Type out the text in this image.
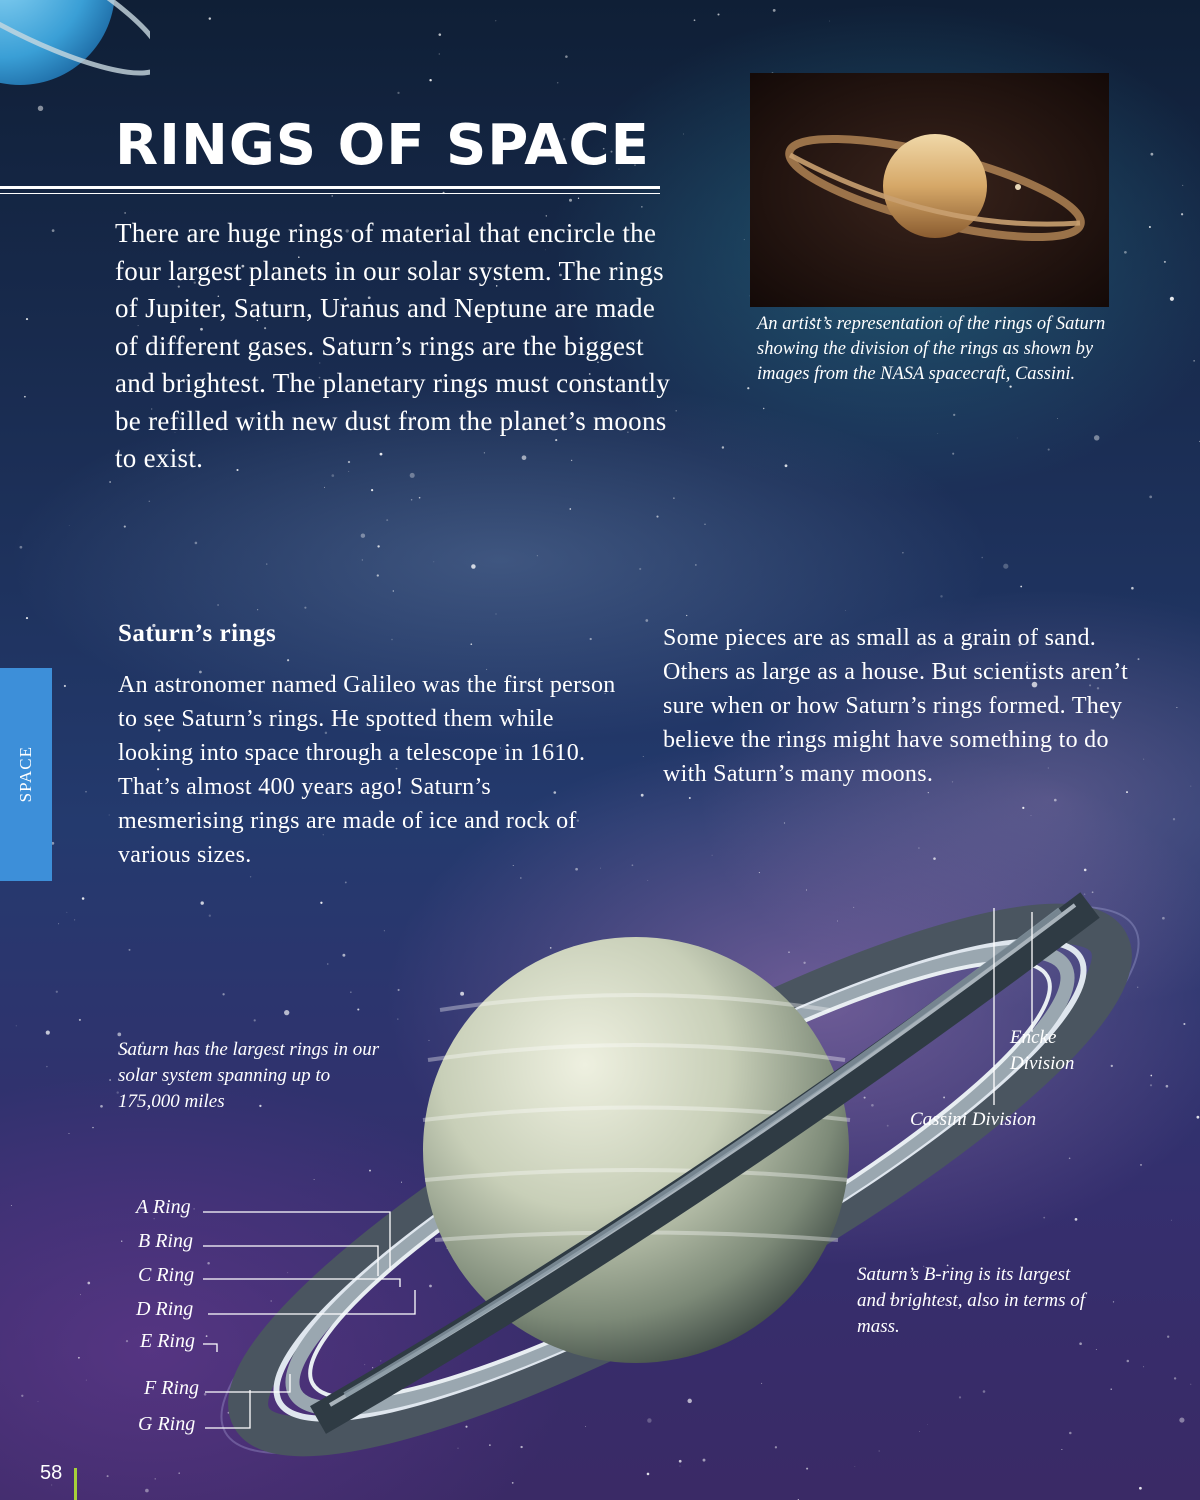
RINGS OF SPACE

There are huge rings of material that encircle the four largest planets in our solar system. The rings of Jupiter, Saturn, Uranus and Neptune are made of different gases. Saturn’s rings are the biggest and brightest. The planetary rings must constantly be refilled with new dust from the planet’s moons to exist.

An artist’s representation of the rings of Saturn showing the division of the rings as shown by images from the NASA spacecraft, Cassini.

SPACE
Saturn’s rings

An astronomer named Galileo was the first person to see Saturn’s rings. He spotted them while looking into space through a telescope in 1610. That’s almost 400 years ago! Saturn’s mesmerising rings are made of ice and rock of various sizes.

Some pieces are as small as a grain of sand. Others as large as a house. But scientists aren’t sure when or how Saturn’s rings formed. They believe the rings might have something to do with Saturn’s many moons.

Saturn has the largest rings in our solar system spanning up to 175,000 miles

Encke Division

Cassini Division

Saturn’s B-ring is its largest and brightest, also in terms of mass.

A Ring

B Ring

C Ring

D Ring

E Ring

F Ring

G Ring

58
